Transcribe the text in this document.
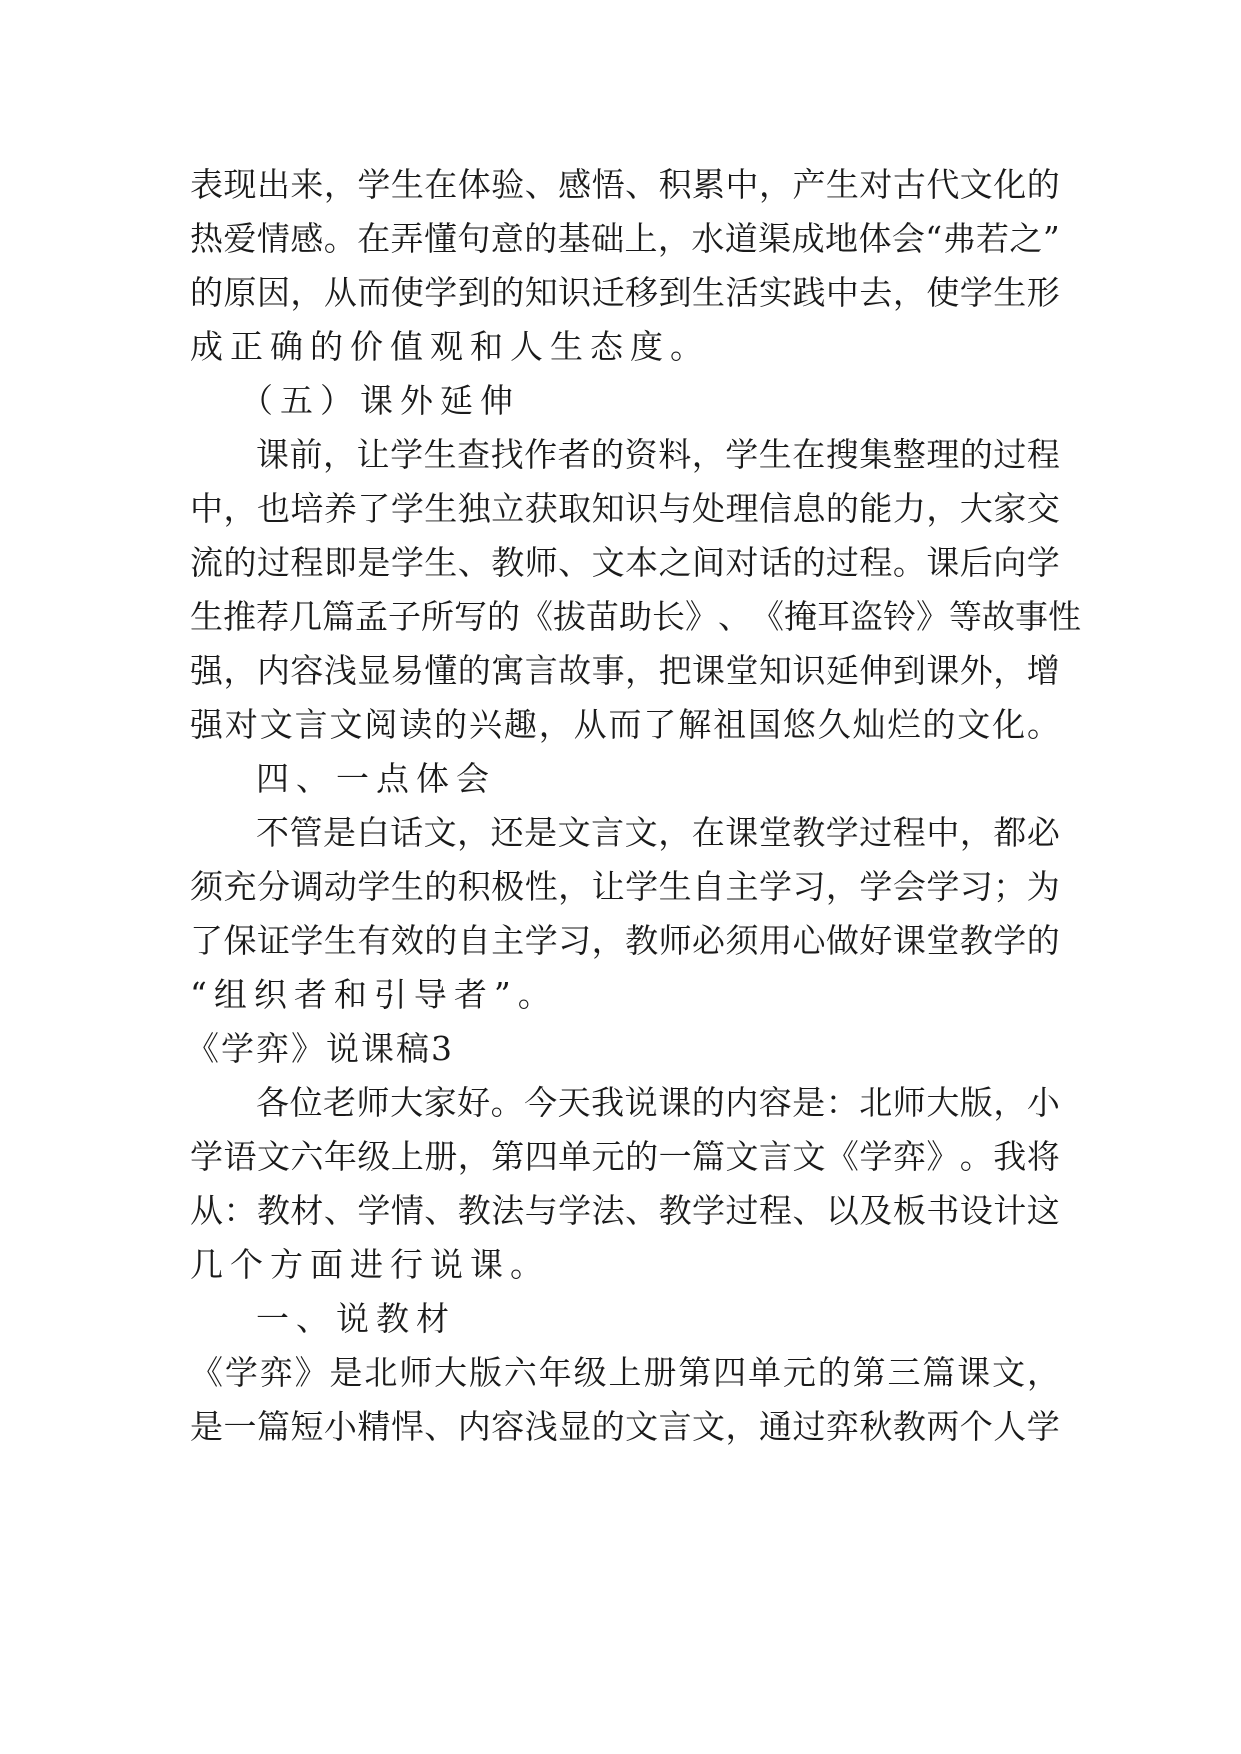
表 现 出 来 ， 学 生 在 体 验 、 感 悟 、 积 累 中 ， 产 生 对 古 代 文 化 的
热 爱 情 感 。 在 弄 懂 句 意 的 基 础 上 ， 水 道 渠 成 地 体 会 “ 弗 若 之 ”
的 原 因 ， 从 而 使 学 到 的 知 识 迁 移 到 生 活 实 践 中 去 ， 使 学 生 形
成正确的价值观和人生态度。
（五）课外延伸
课 前 ， 让 学 生 查 找 作 者 的 资 料 ， 学 生 在 搜 集 整 理 的 过 程
中 ， 也 培 养 了 学 生 独 立 获 取 知 识 与 处 理 信 息 的 能 力 ， 大 家 交
流 的 过 程 即 是 学 生 、 教 师 、 文 本 之 间 对 话 的 过 程 。 课 后 向 学
生 推 荐 几 篇 孟 子 所 写 的 《 拔 苗 助 长 》 、 《 掩 耳 盗 铃 》 等 故 事 性
强 ， 内 容 浅 显 易 懂 的 寓 言 故 事 ， 把 课 堂 知 识 延 伸 到 课 外 ， 增
强 对 文 言 文 阅 读 的 兴 趣 ， 从 而 了 解 祖 国 悠 久 灿 烂 的 文 化 。
四、一点体会
不 管 是 白 话 文 ， 还 是 文 言 文 ， 在 课 堂 教 学 过 程 中 ， 都 必
须 充 分 调 动 学 生 的 积 极 性 ， 让 学 生 自 主 学 习 ， 学 会 学 习 ； 为
了 保 证 学 生 有 效 的 自 主 学 习 ， 教 师 必 须 用 心 做 好 课 堂 教 学 的
“组织者和引导者”。
《学弈》说课稿3
各 位 老 师 大 家 好 。 今 天 我 说 课 的 内 容 是 ： 北 师 大 版 ， 小
学 语 文 六 年 级 上 册 ， 第 四 单 元 的 一 篇 文 言 文 《 学 弈 》 。 我 将
从 ： 教 材 、 学 情 、 教 法 与 学 法 、 教 学 过 程 、 以 及 板 书 设 计 这
几个方面进行说课。
一、说教材
《 学 弈 》 是 北 师 大 版 六 年 级 上 册 第 四 单 元 的 第 三 篇 课 文 ，
是 一 篇 短 小 精 悍 、 内 容 浅 显 的 文 言 文 ， 通 过 弈 秋 教 两 个 人 学
